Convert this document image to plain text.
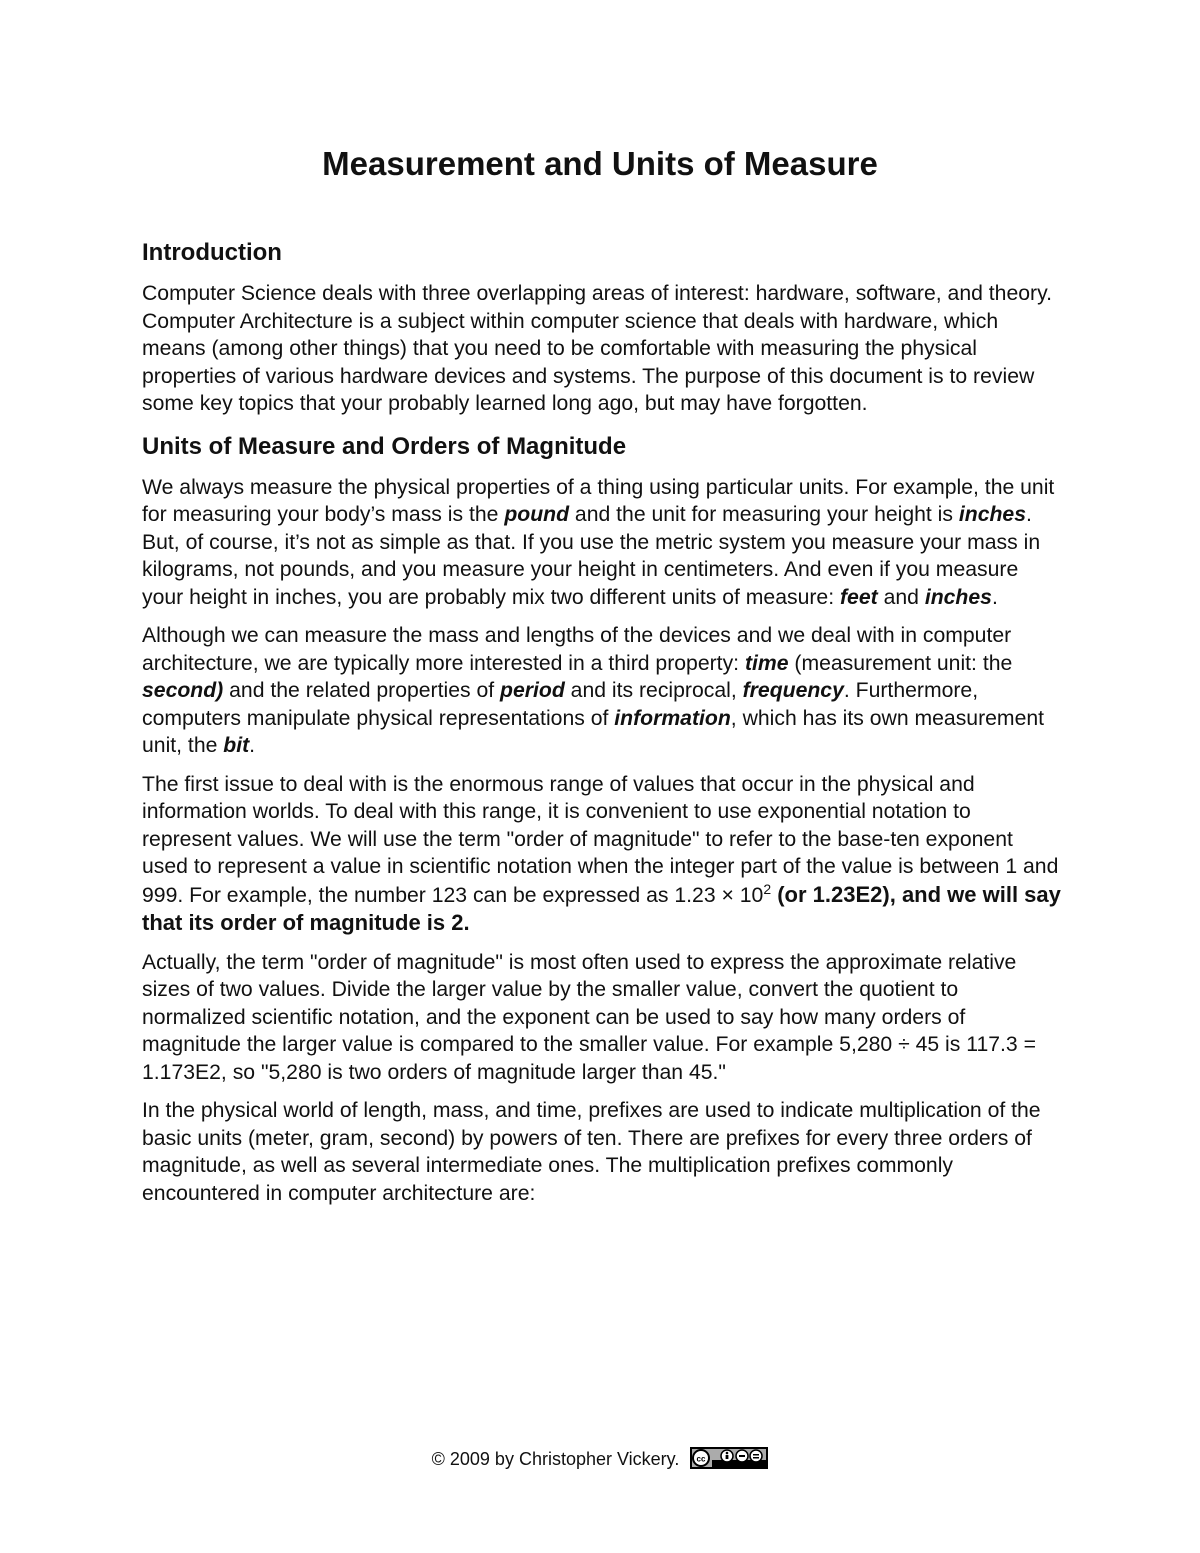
Measurement and Units of Measure
Introduction

Computer Science deals with three overlapping areas of interest: hardware, software, and theory. Computer Architecture is a subject within computer science that deals with hardware, which means (among other things) that you need to be comfortable with measuring the physical properties of various hardware devices and systems. The purpose of this document is to review some key topics that your probably learned long ago, but may have forgotten.

Units of Measure and Orders of Magnitude

We always measure the physical properties of a thing using particular units. For example, the unit for measuring your body’s mass is the pound and the unit for measuring your height is inches. But, of course, it’s not as simple as that. If you use the metric system you measure your mass in kilograms, not pounds, and you measure your height in centimeters. And even if you measure your height in inches, you are probably mix two different units of measure: feet and inches.

Although we can measure the mass and lengths of the devices and we deal with in computer architecture, we are typically more interested in a third property: time (measurement unit: the second) and the related properties of period and its reciprocal, frequency. Furthermore, computers manipulate physical representations of information, which has its own measurement unit, the bit.

The first issue to deal with is the enormous range of values that occur in the physical and information worlds. To deal with this range, it is convenient to use exponential notation to represent values. We will use the term "order of magnitude" to refer to the base-ten exponent used to represent a value in scientific notation when the integer part of the value is between 1 and 999. For example, the number 123 can be expressed as $1.23 \times 10^2$ (or 1.23E2), and we will say that its order of magnitude is 2.

Actually, the term "order of magnitude" is most often used to express the approximate relative sizes of two values. Divide the larger value by the smaller value, convert the quotient to normalized scientific notation, and the exponent can be used to say how many orders of magnitude the larger value is compared to the smaller value. For example 5,280 ÷ 45 is 117.3 = 1.173E2, so "5,280 is two orders of magnitude larger than 45."

In the physical world of length, mass, and time, prefixes are used to indicate multiplication of the basic units (meter, gram, second) by powers of ten. There are prefixes for every three orders of magnitude, as well as several intermediate ones. The multiplication prefixes commonly encountered in computer architecture are:

© 2009 by Christopher Vickery. cc
